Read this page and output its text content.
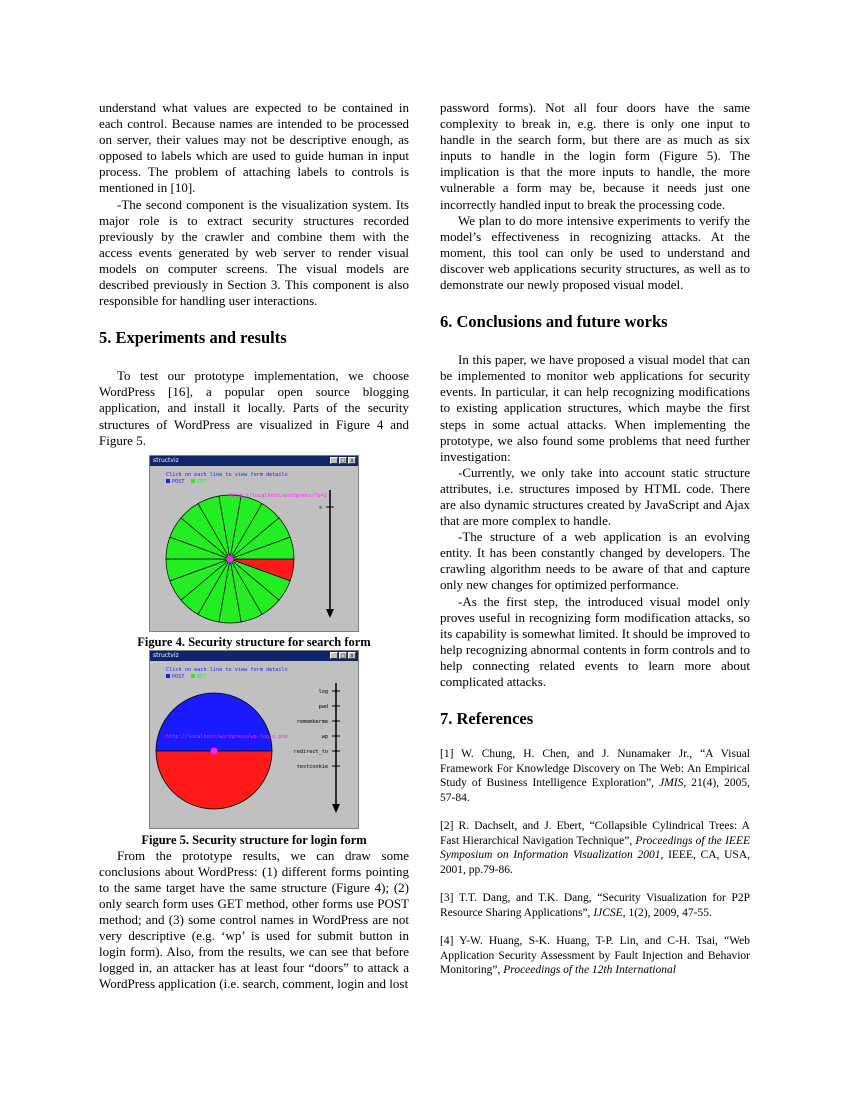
understand what values are expected to be contained in each control. Because names are intended to be processed on server, their values may not be descriptive enough, as opposed to labels which are used to guide human in input process. The problem of attaching labels to controls is mentioned in [10].

-The second component is the visualization system. Its major role is to extract security structures recorded previously by the crawler and combine them with the access events generated by web server to render visual models on computer screens. The visual models are described previously in Section 3. This component is also responsible for handling user interactions.

5. Experiments and results

To test our prototype implementation, we choose WordPress [16], a popular open source blogging application, and install it locally. Parts of the security structures of WordPress are visualized in Figure 4 and Figure 5.

structviz	_	□	x
Click on each line to view form details
POST GET
http://localhost/wordpress/?p=2
s
Figure 4. Security structure for search form
structviz	_	□	x
Click on each line to view form details
POST GET
http://localhost/wordpress/wp-login.php
log
pwd
rememberme
wp
redirect_to
testcookie
Figure 5. Security structure for login form

From the prototype results, we can draw some conclusions about WordPress: (1) different forms pointing to the same target have the same structure (Figure 4); (2) only search form uses GET method, other forms use POST method; and (3) some control names in WordPress are not very descriptive (e.g. ‘wp’ is used for submit button in login form). Also, from the results, we can see that before logged in, an attacker has at least four “doors” to attack a WordPress application (i.e. search, comment, login and lost

password forms). Not all four doors have the same complexity to break in, e.g. there is only one input to handle in the search form, but there are as much as six inputs to handle in the login form (Figure 5). The implication is that the more inputs to handle, the more vulnerable a form may be, because it needs just one incorrectly handled input to break the processing code.

We plan to do more intensive experiments to verify the model’s effectiveness in recognizing attacks. At the moment, this tool can only be used to understand and discover web applications security structures, as well as to demonstrate our newly proposed visual model.

6. Conclusions and future works

In this paper, we have proposed a visual model that can be implemented to monitor web applications for security events. In particular, it can help recognizing modifications to existing application structures, which maybe the first steps in some actual attacks. When implementing the prototype, we also found some problems that need further investigation:

-Currently, we only take into account static structure attributes, i.e. structures imposed by HTML code. There are also dynamic structures created by JavaScript and Ajax that are more complex to handle.

-The structure of a web application is an evolving entity. It has been constantly changed by developers. The crawling algorithm needs to be aware of that and capture only new changes for optimized performance.

-As the first step, the introduced visual model only proves useful in recognizing form modification attacks, so its capability is somewhat limited. It should be improved to help recognizing abnormal contents in form controls and to help connecting related events to learn more about complicated attacks.

7. References

[1] W. Chung, H. Chen, and J. Nunamaker Jr., “A Visual Framework For Knowledge Discovery on The Web: An Empirical Study of Business Intelligence Exploration”, JMIS, 21(4), 2005, 57-84.

[2] R. Dachselt, and J. Ebert, “Collapsible Cylindrical Trees: A Fast Hierarchical Navigation Technique”, Proceedings of the IEEE Symposium on Information Visualization 2001, IEEE, CA, USA, 2001, pp.79-86.

[3] T.T. Dang, and T.K. Dang, “Security Visualization for P2P Resource Sharing Applications”, IJCSE, 1(2), 2009, 47-55.

[4] Y-W. Huang, S-K. Huang, T-P. Lin, and C-H. Tsai, “Web Application Security Assessment by Fault Injection and Behavior Monitoring”, Proceedings of the 12th International
